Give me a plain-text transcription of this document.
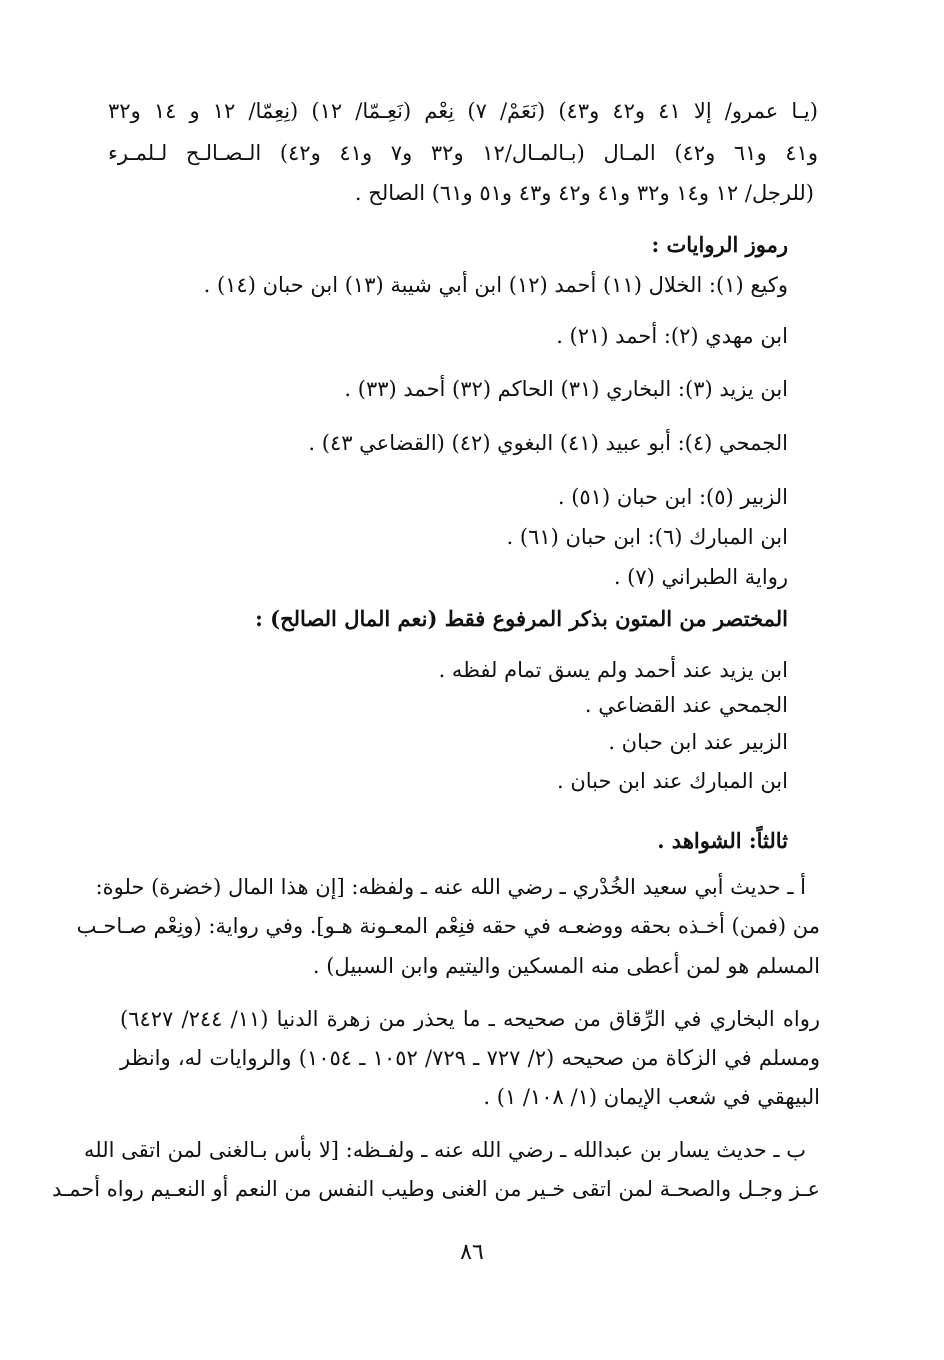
(يـا عمرو/ إلا ٤١ و٤٢ و٤٣) (نَعَمْ/ ٧) نِعْم (نَعِـمّا/ ١٢) (نِعِمّا/ ١٢ و ١٤ و٣٢
و٤١ و٦١ و٤٢) المـال (بـالمـال/١٢ و٣٢ و٧ و٤١ و٤٢) الـصـالـح لـلمـرء
(للرجل/ ١٢ و١٤ و٣٢ و٤١ و٤٢ و٤٣ و٥١ و٦١) الصالح .
رموز الروايات :
وكيع (١): الخلال (١١) أحمد (١٢) ابن أبي شيبة (١٣) ابن حبان (١٤) .
ابن مهدي (٢): أحمد (٢١) .
ابن يزيد (٣): البخاري (٣١) الحاكم (٣٢) أحمد (٣٣) .
الجمحي (٤): أبو عبيد (٤١) البغوي (٤٢) (القضاعي ٤٣) .
الزبير (٥): ابن حبان (٥١) .
ابن المبارك (٦): ابن حبان (٦١) .
رواية الطبراني (٧) .
المختصر من المتون بذكر المرفوع فقط (نعم المال الصالح) :
ابن يزيد عند أحمد ولم يسق تمام لفظه .
الجمحي عند القضاعي .
الزبير عند ابن حبان .
ابن المبارك عند ابن حبان .
ثالثاً: الشواهد .
أ ـ حديث أبي سعيد الخُدْري ـ رضي الله عنه ـ ولفظه: [إن هذا المال (خضرة) حلوة:
من (فمن) أخـذه بحقه ووضعـه في حقه فنِعْم المعـونة هـو]. وفي رواية: (ونِعْم صـاحـب
المسلم هو لمن أعطى منه المسكين واليتيم وابن السبيل) .
رواه البخاري في الرِّقاق من صحيحه ـ ما يحذر من زهرة الدنيا (١١/ ٢٤٤/ ٦٤٢٧)
ومسلم في الزكاة من صحيحه (٢/ ٧٢٧ ـ ٧٢٩/ ١٠٥٢ ـ ١٠٥٤) والروايات له، وانظر
البيهقي في شعب الإيمان (١/ ١٠٨/ ١) .
ب ـ حديث يسار بن عبدالله ـ رضي الله عنه ـ ولفـظه: [لا بأس بـالغنى لمن اتقى الله
عـز وجـل والصحـة لمن اتقى خـير من الغنى وطيب النفس من النعم أو النعـيم رواه أحمـد
٨٦
